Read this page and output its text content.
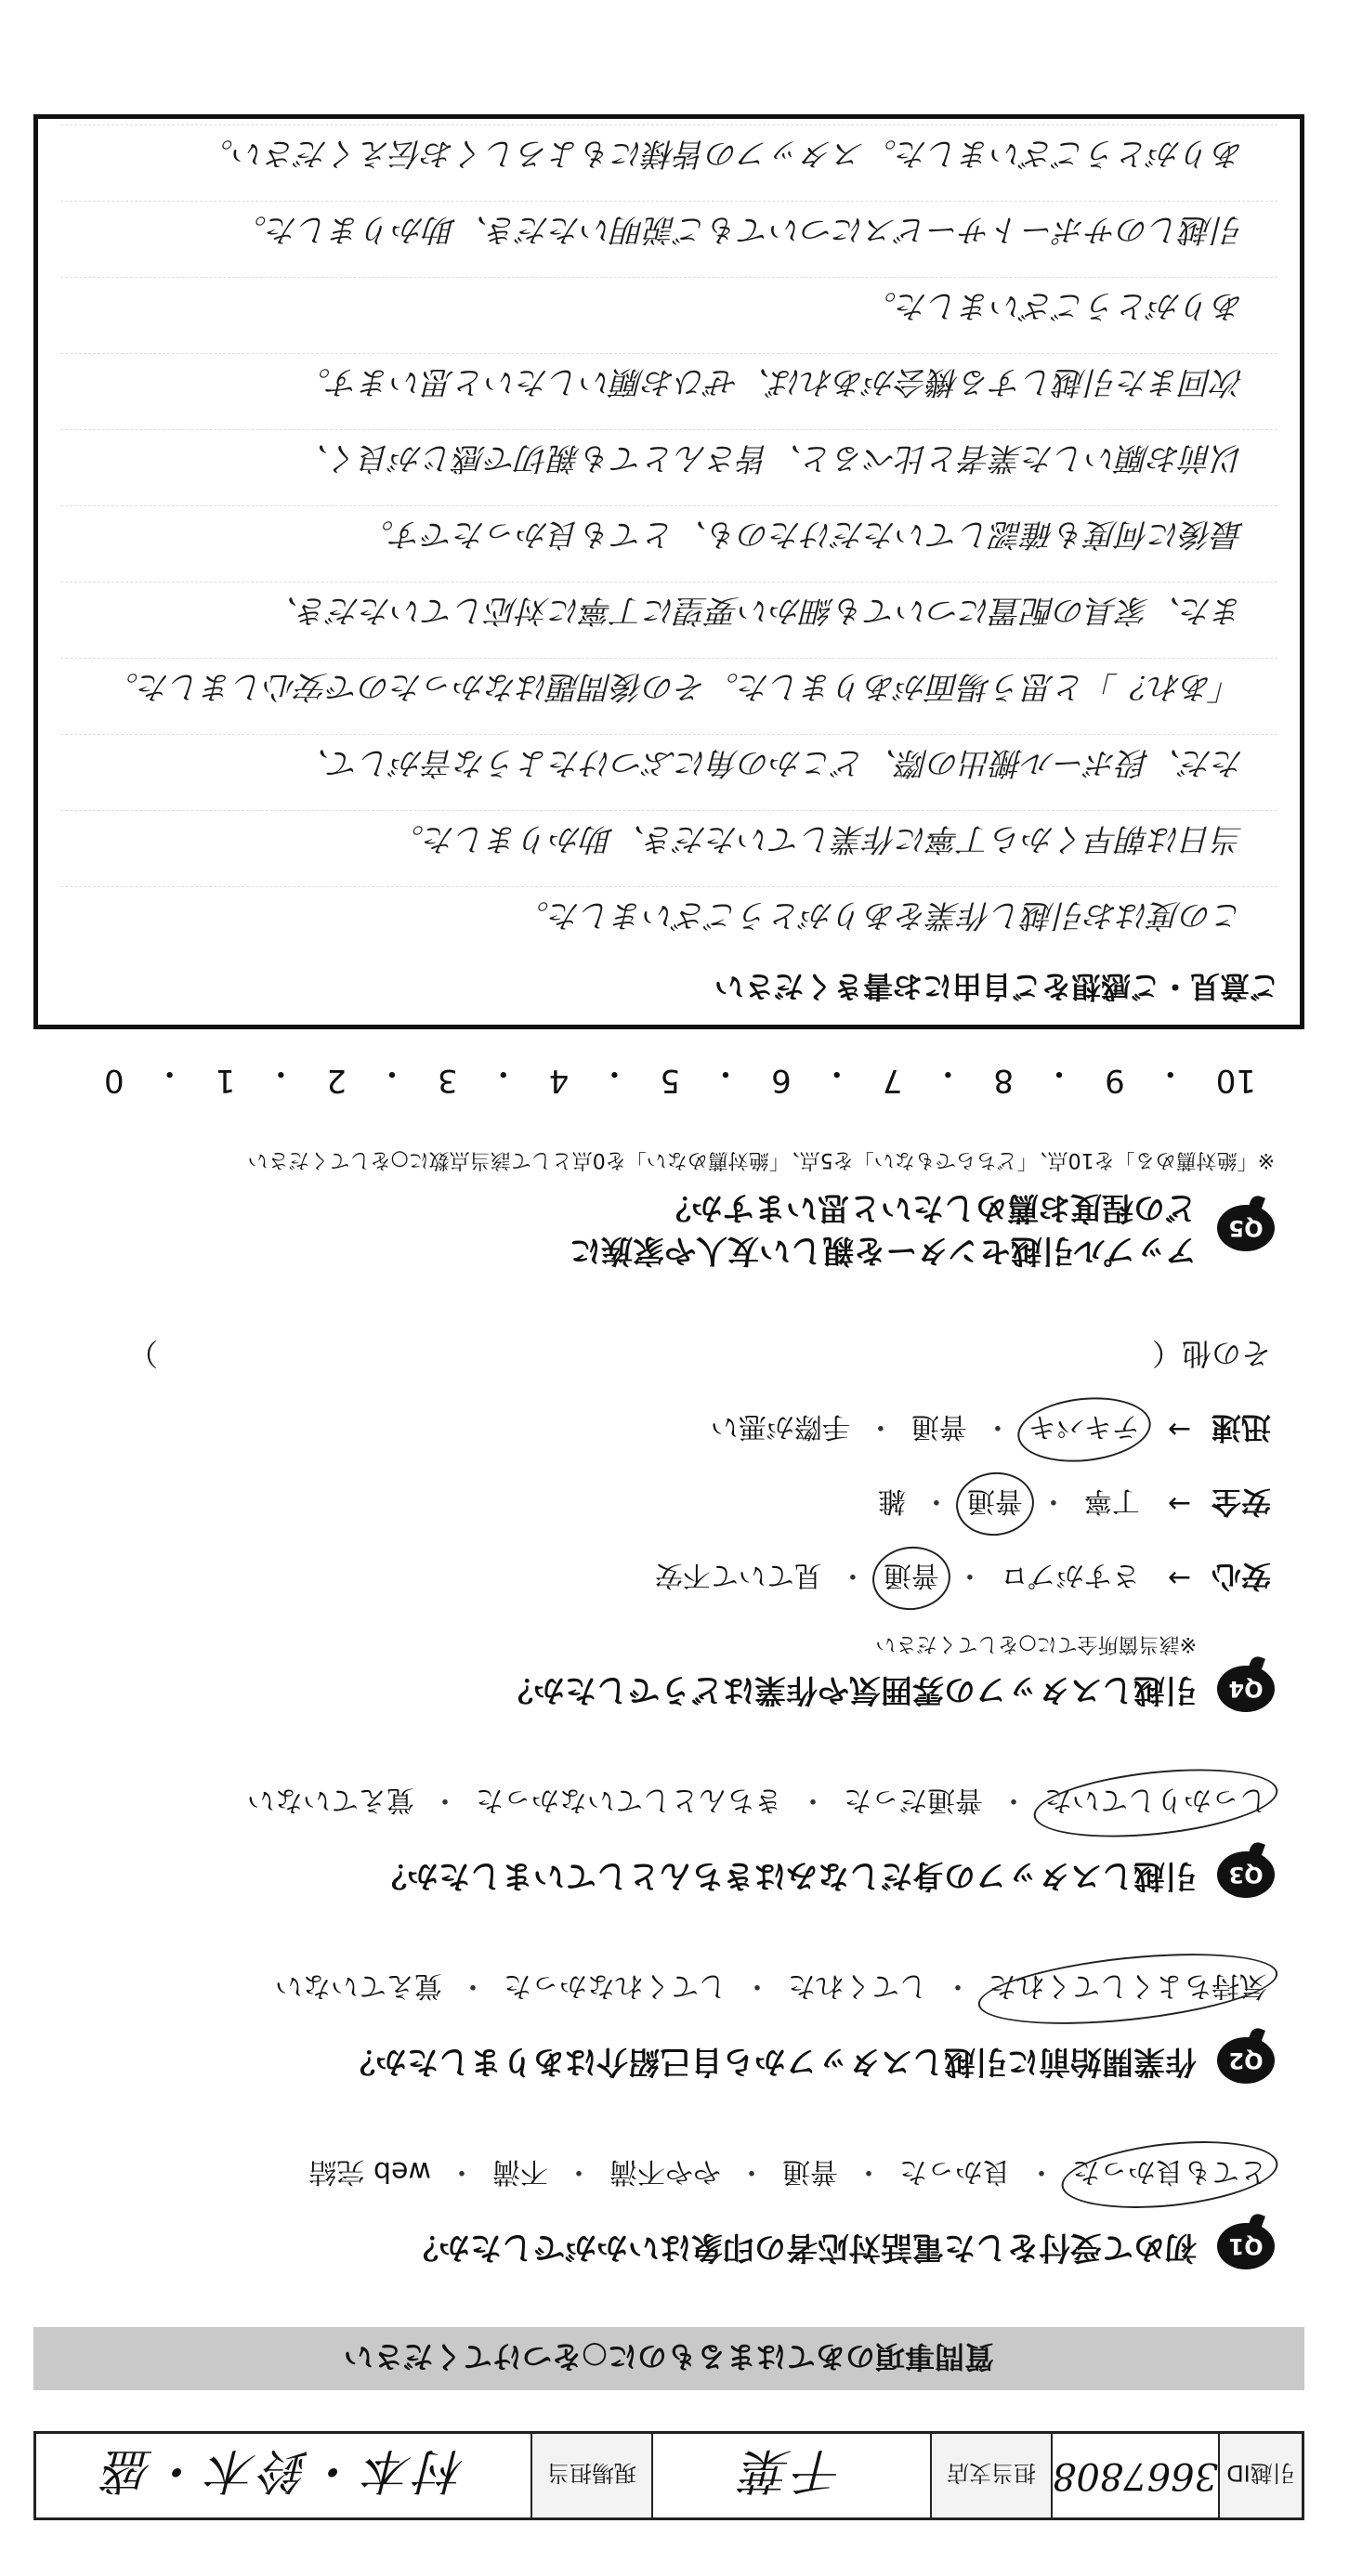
引越ID
3667808
担当支店
千葉
現場担当
村本・鈴木・盛
質問事項のあてはまるものに○をつけてください
Q1
初めて受付をした電話対応者の印象はいかがでしたか？
とても良かった
・
良かった
・
普通
・
やや不満
・
不満
・
web 完結
Q2
作業開始前に引越しスタッフから自己紹介はありましたか？
気持ちよくしてくれた
・
してくれた
・
してくれなかった
・
覚えていない
Q3
引越しスタッフの身だしなみはきちんとしていましたか？
しっかりしていた
・
普通だった
・
きちんとしていなかった
・
覚えていない
Q4
引越しスタッフの雰囲気や作業はどうでしたか？
※該当箇所全てに○をしてください
安心
→
さすがプロ
・
普通
・
見ていて不安
安全
→
丁寧
・
普通
・
雑
迅速
→
テキパキ
・
普通
・
手際が悪い
その他（
）
Q5
アップル引越センターを親しい友人や家族に
どの程度お薦めしたいと思いますか？
※「絶対薦める」を10点、「どちらでもない」を5点、「絶対薦めない」を0点として該当点数に○をしてください
10
・
9
・
8
・
7
・
6
・
5
・
4
・
3
・
2
・
1
・
0
ご意見・ご感想をご自由にお書きください
この度はお引越し作業をありがとうございました。
当日は朝早くから丁寧に作業していただき、助かりました。
ただ、段ボール搬出の際、どこかの角にぶつけたような音がして、
「あれ？」と思う場面がありました。その後問題はなかったので安心しました。
また、家具の配置についても細かい要望に丁寧に対応していただき、
最後に何度も確認していただけたのも、とても良かったです。
以前お願いした業者と比べると、皆さんとても親切で感じが良く、
次回また引越しする機会があれば、ぜひお願いしたいと思います。
ありがとうございました。
引越しのサポートサービスについてもご説明いただき、助かりました。
ありがとうございました。スタッフの皆様にもよろしくお伝えください。
